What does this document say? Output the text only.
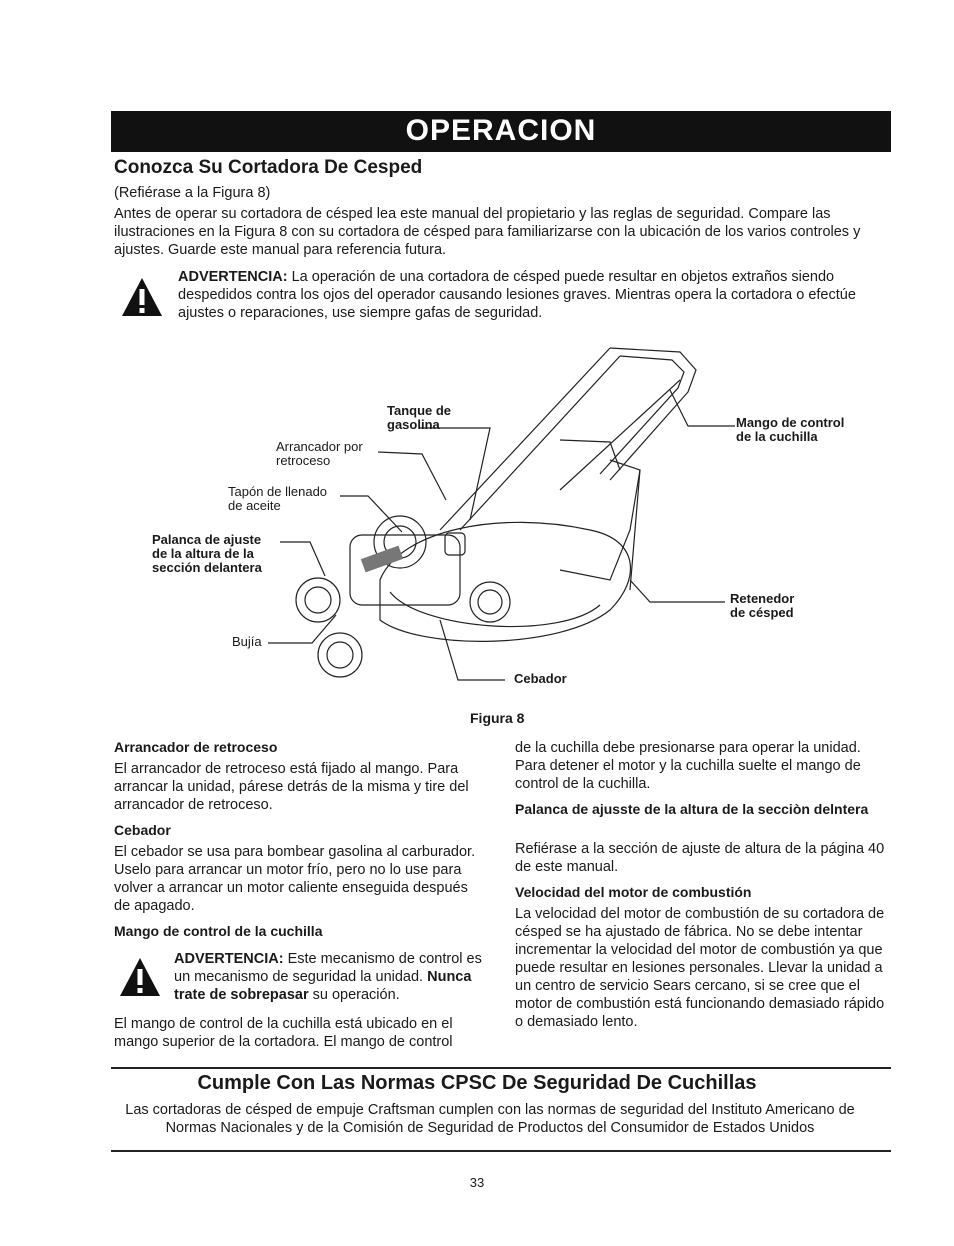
OPERACION
Conozca Su Cortadora De Cesped
(Refiérase a la Figura 8)
Antes de operar su cortadora de césped lea este manual del propietario y las reglas de seguridad. Compare las ilustraciones en la Figura 8 con su cortadora de césped para familiarizarse con la ubicación de los varios controles y ajustes. Guarde este manual para referencia futura.
ADVERTENCIA: La operación de una cortadora de césped puede resultar en objetos extraños siendo despedidos contra los ojos del operador causando lesiones graves. Mientras opera la cortadora o efectúe ajustes o reparaciones, use siempre gafas de seguridad.
Tanque de
gasolina
Arrancador por
retroceso
Tapón de llenado
de aceite
Palanca de ajuste
de la altura de la
sección delantera
Bujía
Mango de control
de la cuchilla
Retenedor
de césped
Cebador
Figura 8
Arrancador de retroceso
El arrancador de retroceso está fijado al mango. Para arrancar la unidad, párese detrás de la misma y tire del arrancador de retroceso.
Cebador
El cebador se usa para bombear gasolina al carburador. Uselo para arrancar un motor frío, pero no lo use para volver a arrancar un motor caliente enseguida después de apagado.
Mango de control de la cuchilla
ADVERTENCIA: Este mecanismo de control es un mecanismo de seguridad la unidad. Nunca trate de sobrepasar su operación.
El mango de control de la cuchilla está ubicado en el mango superior de la cortadora. El mango de control
de la cuchilla debe presionarse para operar la unidad. Para detener el motor y la cuchilla suelte el mango de control de la cuchilla.
Palanca de ajusste de la altura de la secciòn delntera
Refiérase a la sección de ajuste de altura de la página 40 de este manual.
Velocidad del motor de combustión
La velocidad del motor de combustión de su cortadora de césped se ha ajustado de fábrica. No se debe intentar incrementar la velocidad del motor de combustión ya que puede resultar en lesiones personales. Llevar la unidad a un centro de servicio Sears cercano, si se cree que el motor de combustión está funcionando demasiado rápido o demasiado lento.
Cumple Con Las Normas CPSC De Seguridad De Cuchillas
Las cortadoras de césped de empuje Craftsman cumplen con las normas de seguridad del Instituto Americano de Normas Nacionales y de la Comisión de Seguridad de Productos del Consumidor de Estados Unidos
33
